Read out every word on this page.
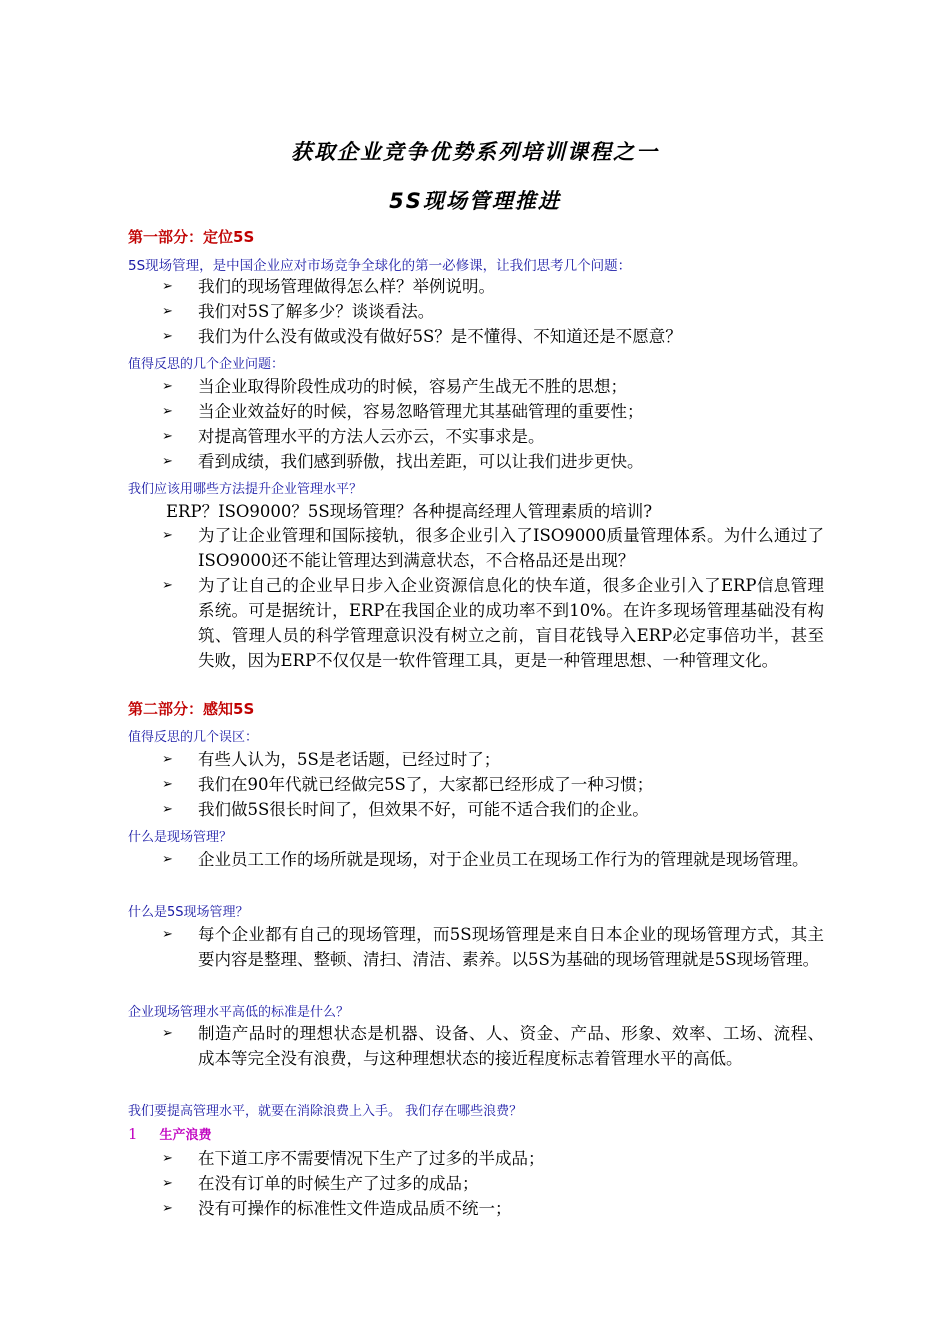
获取企业竞争优势系列培训课程之一
5S现场管理推进
第一部分：定位5S
5S现场管理，是中国企业应对市场竞争全球化的第一必修课，让我们思考几个问题：
➢ 我们的现场管理做得怎么样？举例说明。
➢ 我们对5S了解多少？谈谈看法。
➢ 我们为什么没有做或没有做好5S？是不懂得、不知道还是不愿意？
值得反思的几个企业问题：
➢ 当企业取得阶段性成功的时候，容易产生战无不胜的思想；
➢ 当企业效益好的时候，容易忽略管理尤其基础管理的重要性；
➢ 对提高管理水平的方法人云亦云，不实事求是。
➢ 看到成绩，我们感到骄傲，找出差距，可以让我们进步更快。
我们应该用哪些方法提升企业管理水平？
ERP？ISO9000？5S现场管理？各种提高经理人管理素质的培训?
➢ 为了让企业管理和国际接轨，很多企业引入了ISO9000质量管理体系。为什么通过了ISO9000还不能让管理达到满意状态，不合格品还是出现？
➢ 为了让自己的企业早日步入企业资源信息化的快车道，很多企业引入了ERP信息管理系统。可是据统计，ERP在我国企业的成功率不到10%。在许多现场管理基础没有构筑、管理人员的科学管理意识没有树立之前，盲目花钱导入ERP必定事倍功半，甚至失败，因为ERP不仅仅是一软件管理工具，更是一种管理思想、一种管理文化。
第二部分：感知5S
值得反思的几个误区：
➢ 有些人认为，5S是老话题，已经过时了；
➢ 我们在90年代就已经做完5S了，大家都已经形成了一种习惯；
➢ 我们做5S很长时间了，但效果不好，可能不适合我们的企业。
什么是现场管理？
➢ 企业员工工作的场所就是现场，对于企业员工在现场工作行为的管理就是现场管理。
什么是5S现场管理？
➢ 每个企业都有自己的现场管理，而5S现场管理是来自日本企业的现场管理方式，其主要内容是整理、整顿、清扫、清洁、素养。以5S为基础的现场管理就是5S现场管理。
企业现场管理水平高低的标准是什么？
➢ 制造产品时的理想状态是机器、设备、人、资金、产品、形象、效率、工场、流程、成本等完全没有浪费，与这种理想状态的接近程度标志着管理水平的高低。
我们要提高管理水平，就要在消除浪费上入手。 我们存在哪些浪费？
1 生产浪费
➢ 在下道工序不需要情况下生产了过多的半成品；
➢ 在没有订单的时候生产了过多的成品；
➢ 没有可操作的标准性文件造成品质不统一；
